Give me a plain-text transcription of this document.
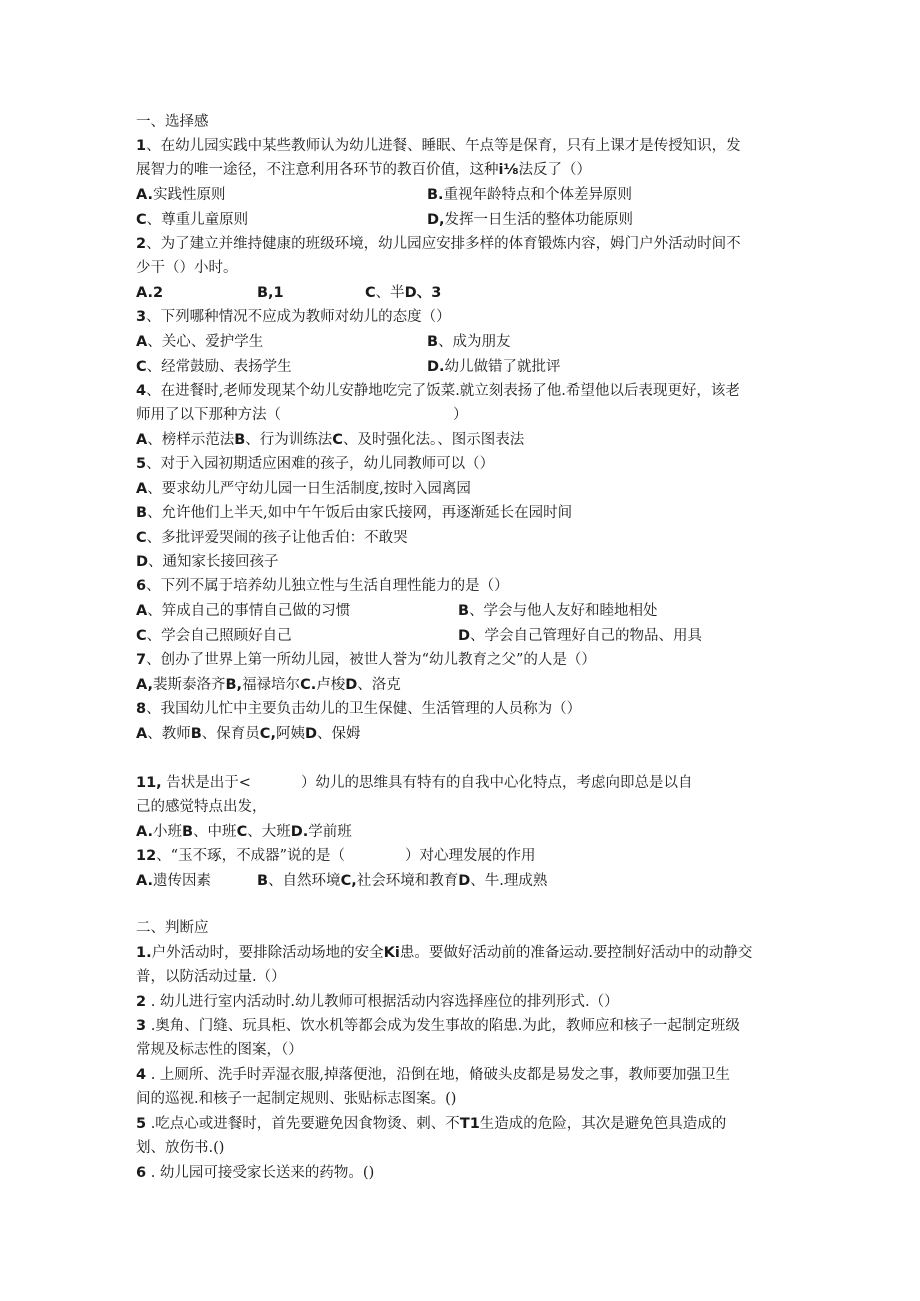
一、选择感
1、在幼儿园实践中某些教师认为幼儿进餐、睡眠、午点等是保育，只有上课才是传授知识，发
展智力的唯一途径，不注意利用各环节的教百价值，这种i⅛法反了（）
A.实践性原则	B.重视年龄特点和个体差异原则
C、尊重儿童原则	D,发挥一日生活的整体功能原则
2、为了建立并维持健康的班级环境，幼儿园应安排多样的体育锻炼内容，姆门户外活动时间不
少干（）小时。
A.2	B,1	C、半D、3
3、下列哪种情况不应成为教师对幼儿的态度（）
A、关心、爱护学生	B、成为朋友
C、经常鼓励、表扬学生	D.幼儿做错了就批评
4、在进餐时,老师发现某个幼儿安静地吃完了饭菜.就立刻表扬了他.希望他以后表现更好，该老
师用了以下那种方法（	）
A、榜样示范法B、行为训练法C、及时强化法。、图示图表法
5、对于入园初期适应困难的孩子，幼儿同教师可以（）
A、要求幼儿严守幼儿园一日生活制度,按时入园离园
B、允许他们上半天,如中午午饭后由家氏接网，再逐渐延长在园时间
C、多批评爱哭闹的孩子让他舌伯：不敢哭
D、通知家长接回孩子
6、下列不属于培养幼儿独立性与生活自理性能力的是（）
A、笄成自己的事情自己做的习惯	B、学会与他人友好和睦地相处
C、学会自己照顾好自己	D、学会自己管理好自己的物品、用具
7、创办了世界上第一所幼儿园，被世人誉为“幼儿教育之父”的人是（）
A,裴斯泰洛齐B,福禄培尔C.卢梭D、洛克
8、我国幼儿忙中主要负击幼儿的卫生保健、生活管理的人员称为（）
A、教师B、保育员C,阿姨D、保姆
11, 告状是出于<	）幼儿的思维具有特有的自我中心化特点，考虑向即总是以自
己的感觉特点出发，
A.小班B、中班C、大班D.学前班
12、“玉不琢，不成器”说的是（	）对心理发展的作用
A.遗传因素	B、自然环境C,社会环境和教育D、牛.理成熟
二、判断应
1.户外活动时，要排除活动场地的安全Ki患。要做好活动前的准备运动.要控制好活动中的动静交
普，以防活动过量.（）
2 . 幼儿进行室内活动时.幼儿教师可根据活动内容选择座位的排列形式.（）
3 .奥角、门缝、玩具柜、饮水机等都会成为发生事故的陷患.为此，教师应和核子一起制定班级
常规及标志性的图案，（）
4 . 上厕所、洗手时弄湿衣服,掉落便池，沿倒在地，脩破头皮都是易发之事，教师要加强卫生
间的巡视.和核子一起制定规则、张贴标志图案。()
5 .吃点心或进餐时，首先要避免因食物烫、刺、不T1生造成的危险，其次是避免笆具造成的
划、放伤书.()
6 . 幼儿园可接受家长送来的药物。()
